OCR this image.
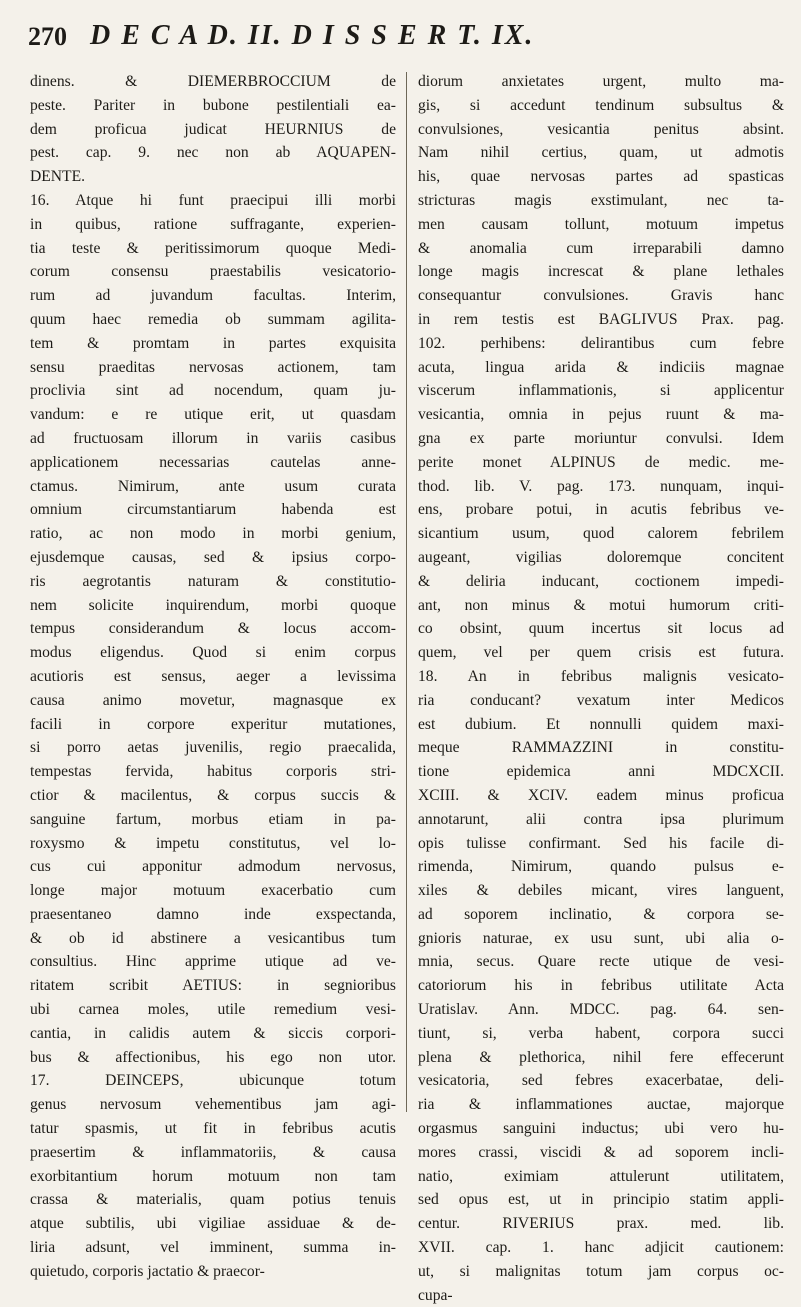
270 D E C A D. II. D I S S E R T. IX.
dinens. & DIEMERBROCCIUM de
peste. Pariter in bubone pestilentiali ea-
dem proficua judicat HEURNIUS de
pest. cap. 9. nec non ab AQUAPEN-
DENTE.
16. Atque hi funt praecipui illi morbi
in quibus, ratione suffragante, experien-
tia teste & peritissimorum quoque Medi-
corum consensu praestabilis vesicatorio-
rum ad juvandum facultas. Interim,
quum haec remedia ob summam agilita-
tem & promtam in partes exquisita
sensu praeditas nervosas actionem, tam
proclivia sint ad nocendum, quam ju-
vandum: e re utique erit, ut quasdam
ad fructuosam illorum in variis casibus
applicationem necessarias cautelas anne-
ctamus. Nimirum, ante usum curata
omnium circumstantiarum habenda est
ratio, ac non modo in morbi genium,
ejusdemque causas, sed & ipsius corpo-
ris aegrotantis naturam & constitutio-
nem solicite inquirendum, morbi quoque
tempus considerandum & locus accom-
modus eligendus. Quod si enim corpus
acutioris est sensus, aeger a levissima
causa animo movetur, magnasque ex
facili in corpore experitur mutationes,
si porro aetas juvenilis, regio praecalida,
tempestas fervida, habitus corporis stri-
ctior & macilentus, & corpus succis &
sanguine fartum, morbus etiam in pa-
roxysmo & impetu constitutus, vel lo-
cus cui apponitur admodum nervosus,
longe major motuum exacerbatio cum
praesentaneo damno inde exspectanda,
& ob id abstinere a vesicantibus tum
consultius. Hinc apprime utique ad ve-
ritatem scribit AETIUS: in segnioribus
ubi carnea moles, utile remedium vesi-
cantia, in calidis autem & siccis corpori-
bus & affectionibus, his ego non utor.
17. DEINCEPS, ubicunque totum
genus nervosum vehementibus jam agi-
tatur spasmis, ut fit in febribus acutis
praesertim & inflammatoriis, & causa
exorbitantium horum motuum non tam
crassa & materialis, quam potius tenuis
atque subtilis, ubi vigiliae assiduae & de-
liria adsunt, vel imminent, summa in-
quietudo, corporis jactatio & praecor-
diorum anxietates urgent, multo ma-
gis, si accedunt tendinum subsultus &
convulsiones, vesicantia penitus absint.
Nam nihil certius, quam, ut admotis
his, quae nervosas partes ad spasticas
stricturas magis exstimulant, nec ta-
men causam tollunt, motuum impetus
& anomalia cum irreparabili damno
longe magis increscat & plane lethales
consequantur convulsiones. Gravis hanc
in rem testis est BAGLIVUS Prax. pag.
102. perhibens: delirantibus cum febre
acuta, lingua arida & indiciis magnae
viscerum inflammationis, si applicentur
vesicantia, omnia in pejus ruunt & ma-
gna ex parte moriuntur convulsi. Idem
perite monet ALPINUS de medic. me-
thod. lib. V. pag. 173. nunquam, inqui-
ens, probare potui, in acutis febribus ve-
sicantium usum, quod calorem febrilem
augeant, vigilias doloremque concitent
& deliria inducant, coctionem impedi-
ant, non minus & motui humorum criti-
co obsint, quum incertus sit locus ad
quem, vel per quem crisis est futura.
18. An in febribus malignis vesicato-
ria conducant? vexatum inter Medicos
est dubium. Et nonnulli quidem maxi-
meque RAMMAZZINI in constitu-
tione epidemica anni MDCXCII.
XCIII. & XCIV. eadem minus proficua
annotarunt, alii contra ipsa plurimum
opis tulisse confirmant. Sed his facile di-
rimenda, Nimirum, quando pulsus e-
xiles & debiles micant, vires languent,
ad soporem inclinatio, & corpora se-
gnioris naturae, ex usu sunt, ubi alia o-
mnia, secus. Quare recte utique de vesi-
catoriorum his in febribus utilitate Acta
Uratislav. Ann. MDCC. pag. 64. sen-
tiunt, si, verba habent, corpora succi
plena & plethorica, nihil fere effecerunt
vesicatoria, sed febres exacerbatae, deli-
ria & inflammationes auctae, majorque
orgasmus sanguini inductus; ubi vero hu-
mores crassi, viscidi & ad soporem incli-
natio, eximiam attulerunt utilitatem,
sed opus est, ut in principio statim appli-
centur. RIVERIUS prax. med. lib.
XVII. cap. 1. hanc adjicit cautionem:
ut, si malignitas totum jam corpus oc-
cupa-
